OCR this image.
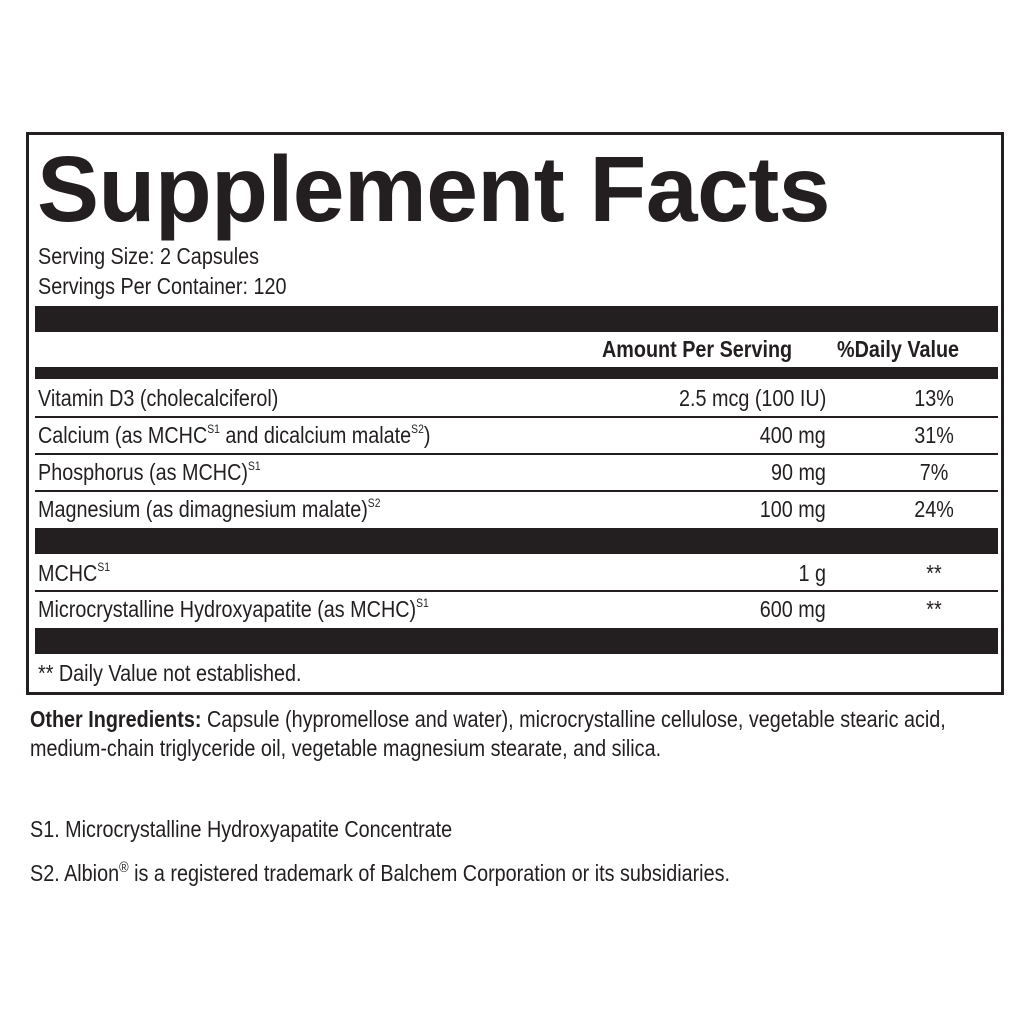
Supplement Facts
Serving Size: 2 Capsules
Servings Per Container: 120
Amount Per Serving %Daily Value
Vitamin D3 (cholecalciferol)	2.5 mcg (100 IU)	13%
Calcium (as $MCHC^{S1}$ and dicalcium malate$^{S2}$)	400 mg	31%
Phosphorus (as MCHC)$^{S1}$	90 mg	7%
Magnesium (as dimagnesium malate)$^{S2}$	100 mg	24%
$MCHC^{S1}$	1 g	**
Microcrystalline Hydroxyapatite (as MCHC)$^{S1}$	600 mg	**
** Daily Value not established.
Other Ingredients: Capsule (hypromellose and water), microcrystalline cellulose, vegetable stearic acid, medium-chain triglyceride oil, vegetable magnesium stearate, and silica.
S1. Microcrystalline Hydroxyapatite Concentrate
S2. Albion® is a registered trademark of Balchem Corporation or its subsidiaries.
